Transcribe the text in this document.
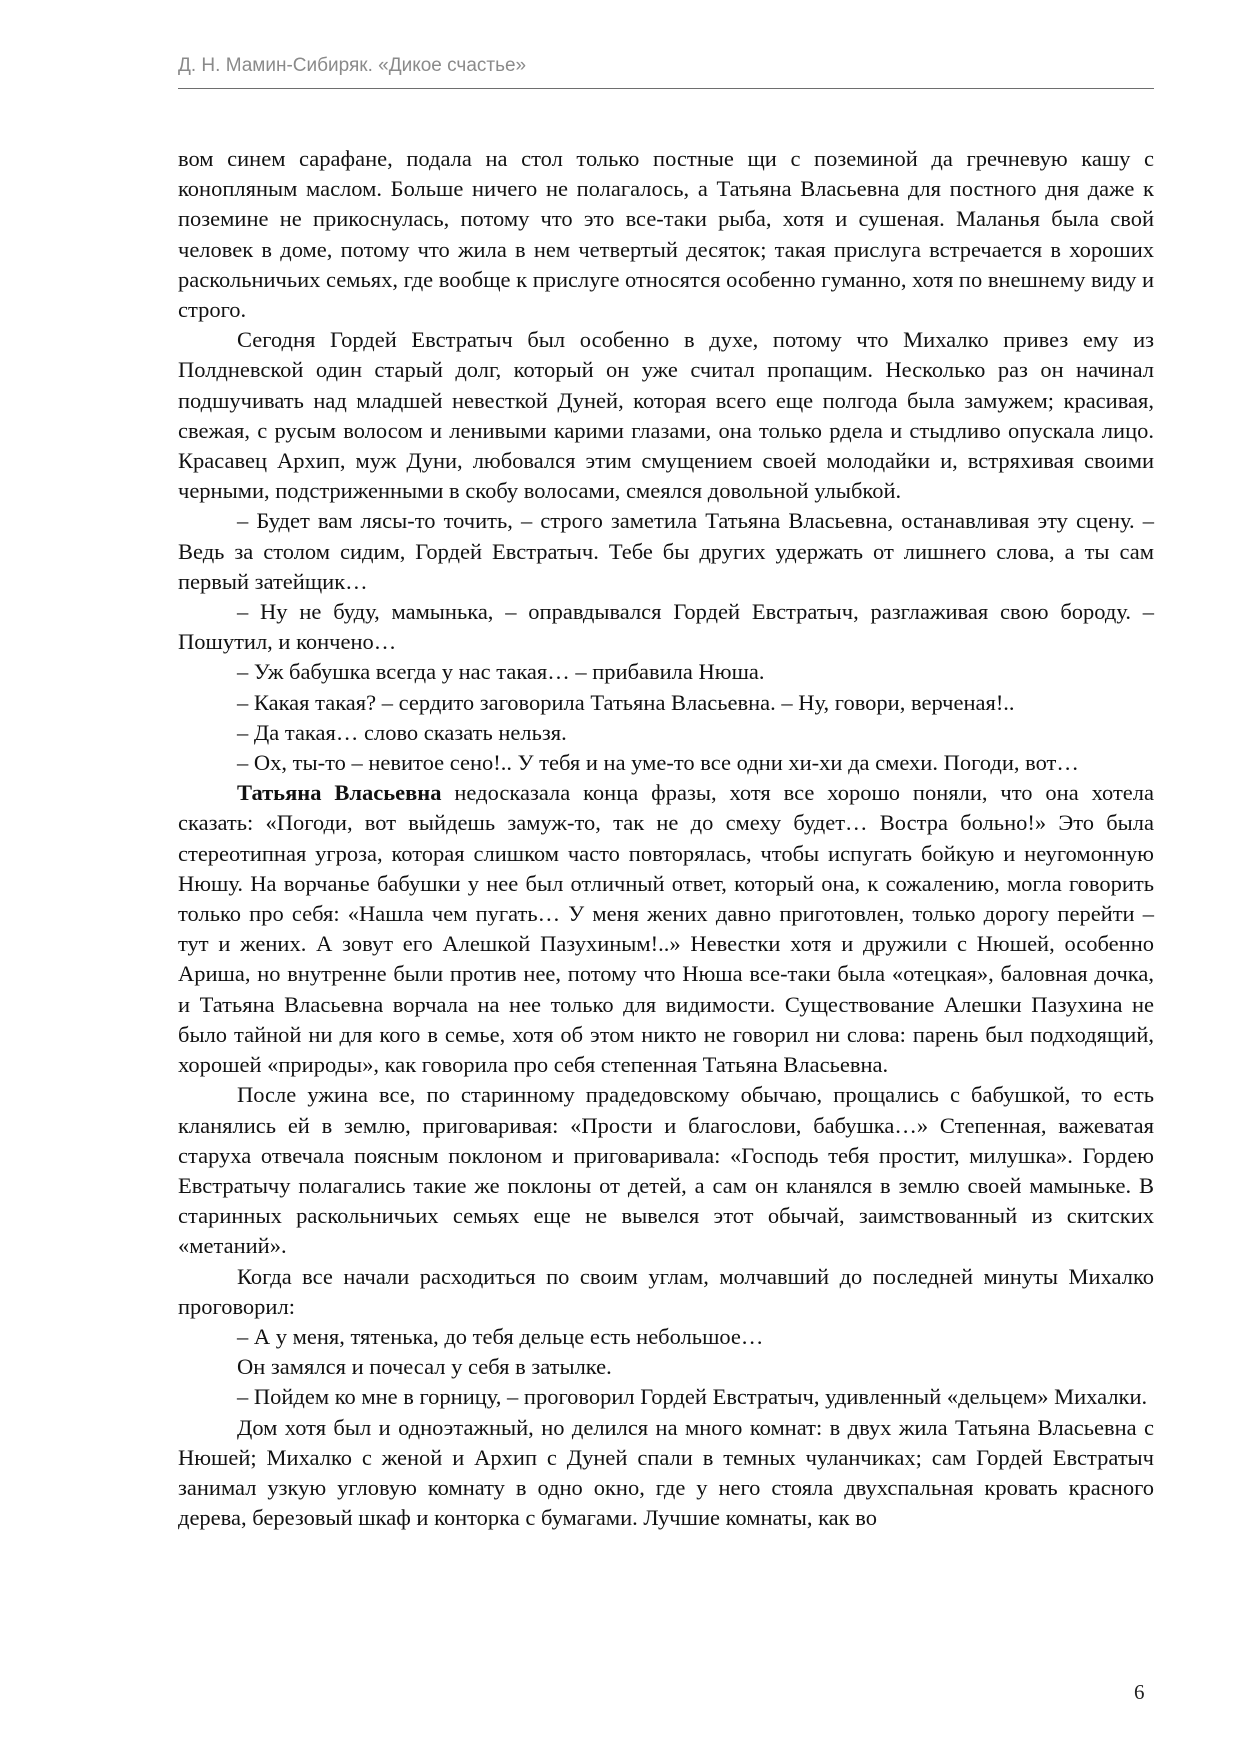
Д. Н. Мамин-Сибиряк. «Дикое счастье»

вом синем сарафане, подала на стол только постные щи с поземиной да гречневую кашу с конопляным маслом. Больше ничего не полагалось, а Татьяна Власьевна для постного дня даже к поземине не прикоснулась, потому что это все-таки рыба, хотя и сушеная. Маланья была свой человек в доме, потому что жила в нем четвертый десяток; такая прислуга встречается в хороших раскольничьих семьях, где вообще к прислуге относятся особенно гуманно, хотя по внешнему виду и строго.

Сегодня Гордей Евстратыч был особенно в духе, потому что Михалко привез ему из Полдневской один старый долг, который он уже считал пропащим. Несколько раз он начинал подшучивать над младшей невесткой Дуней, которая всего еще полгода была замужем; красивая, свежая, с русым волосом и ленивыми карими глазами, она только рдела и стыдливо опускала лицо. Красавец Архип, муж Дуни, любовался этим смущением своей молодайки и, встряхивая своими черными, подстриженными в скобу волосами, смеялся довольной улыбкой.

– Будет вам лясы-то точить, – строго заметила Татьяна Власьевна, останавливая эту сцену. – Ведь за столом сидим, Гордей Евстратыч. Тебе бы других удержать от лишнего слова, а ты сам первый затейщик…

– Ну не буду, мамынька, – оправдывался Гордей Евстратыч, разглаживая свою бороду. – Пошутил, и кончено…

– Уж бабушка всегда у нас такая… – прибавила Нюша.

– Какая такая? – сердито заговорила Татьяна Власьевна. – Ну, говори, верченая!..

– Да такая… слово сказать нельзя.

– Ох, ты-то – невитое сено!.. У тебя и на уме-то все одни хи-хи да смехи. Погоди, вот…

Татьяна Власьевна недосказала конца фразы, хотя все хорошо поняли, что она хотела сказать: «Погоди, вот выйдешь замуж-то, так не до смеху будет… Востра больно!» Это была стереотипная угроза, которая слишком часто повторялась, чтобы испугать бойкую и неугомонную Нюшу. На ворчанье бабушки у нее был отличный ответ, который она, к сожалению, могла говорить только про себя: «Нашла чем пугать… У меня жених давно приготовлен, только дорогу перейти – тут и жених. А зовут его Алешкой Пазухиным!..» Невестки хотя и дружили с Нюшей, особенно Ариша, но внутренне были против нее, потому что Нюша все-таки была «отецкая», баловная дочка, и Татьяна Власьевна ворчала на нее только для видимости. Существование Алешки Пазухина не было тайной ни для кого в семье, хотя об этом никто не говорил ни слова: парень был подходящий, хорошей «природы», как говорила про себя степенная Татьяна Власьевна.

После ужина все, по старинному прадедовскому обычаю, прощались с бабушкой, то есть кланялись ей в землю, приговаривая: «Прости и благослови, бабушка…» Степенная, важеватая старуха отвечала поясным поклоном и приговаривала: «Господь тебя простит, милушка». Гордею Евстратычу полагались такие же поклоны от детей, а сам он кланялся в землю своей мамыньке. В старинных раскольничьих семьях еще не вывелся этот обычай, заимствованный из скитских «метаний».

Когда все начали расходиться по своим углам, молчавший до последней минуты Михалко проговорил:

– А у меня, тятенька, до тебя дельце есть небольшое…

Он замялся и почесал у себя в затылке.

– Пойдем ко мне в горницу, – проговорил Гордей Евстратыч, удивленный «дельцем» Михалки.

Дом хотя был и одноэтажный, но делился на много комнат: в двух жила Татьяна Власьевна с Нюшей; Михалко с женой и Архип с Дуней спали в темных чуланчиках; сам Гордей Евстратыч занимал узкую угловую комнату в одно окно, где у него стояла двухспальная кровать красного дерева, березовый шкаф и конторка с бумагами. Лучшие комнаты, как во

6
